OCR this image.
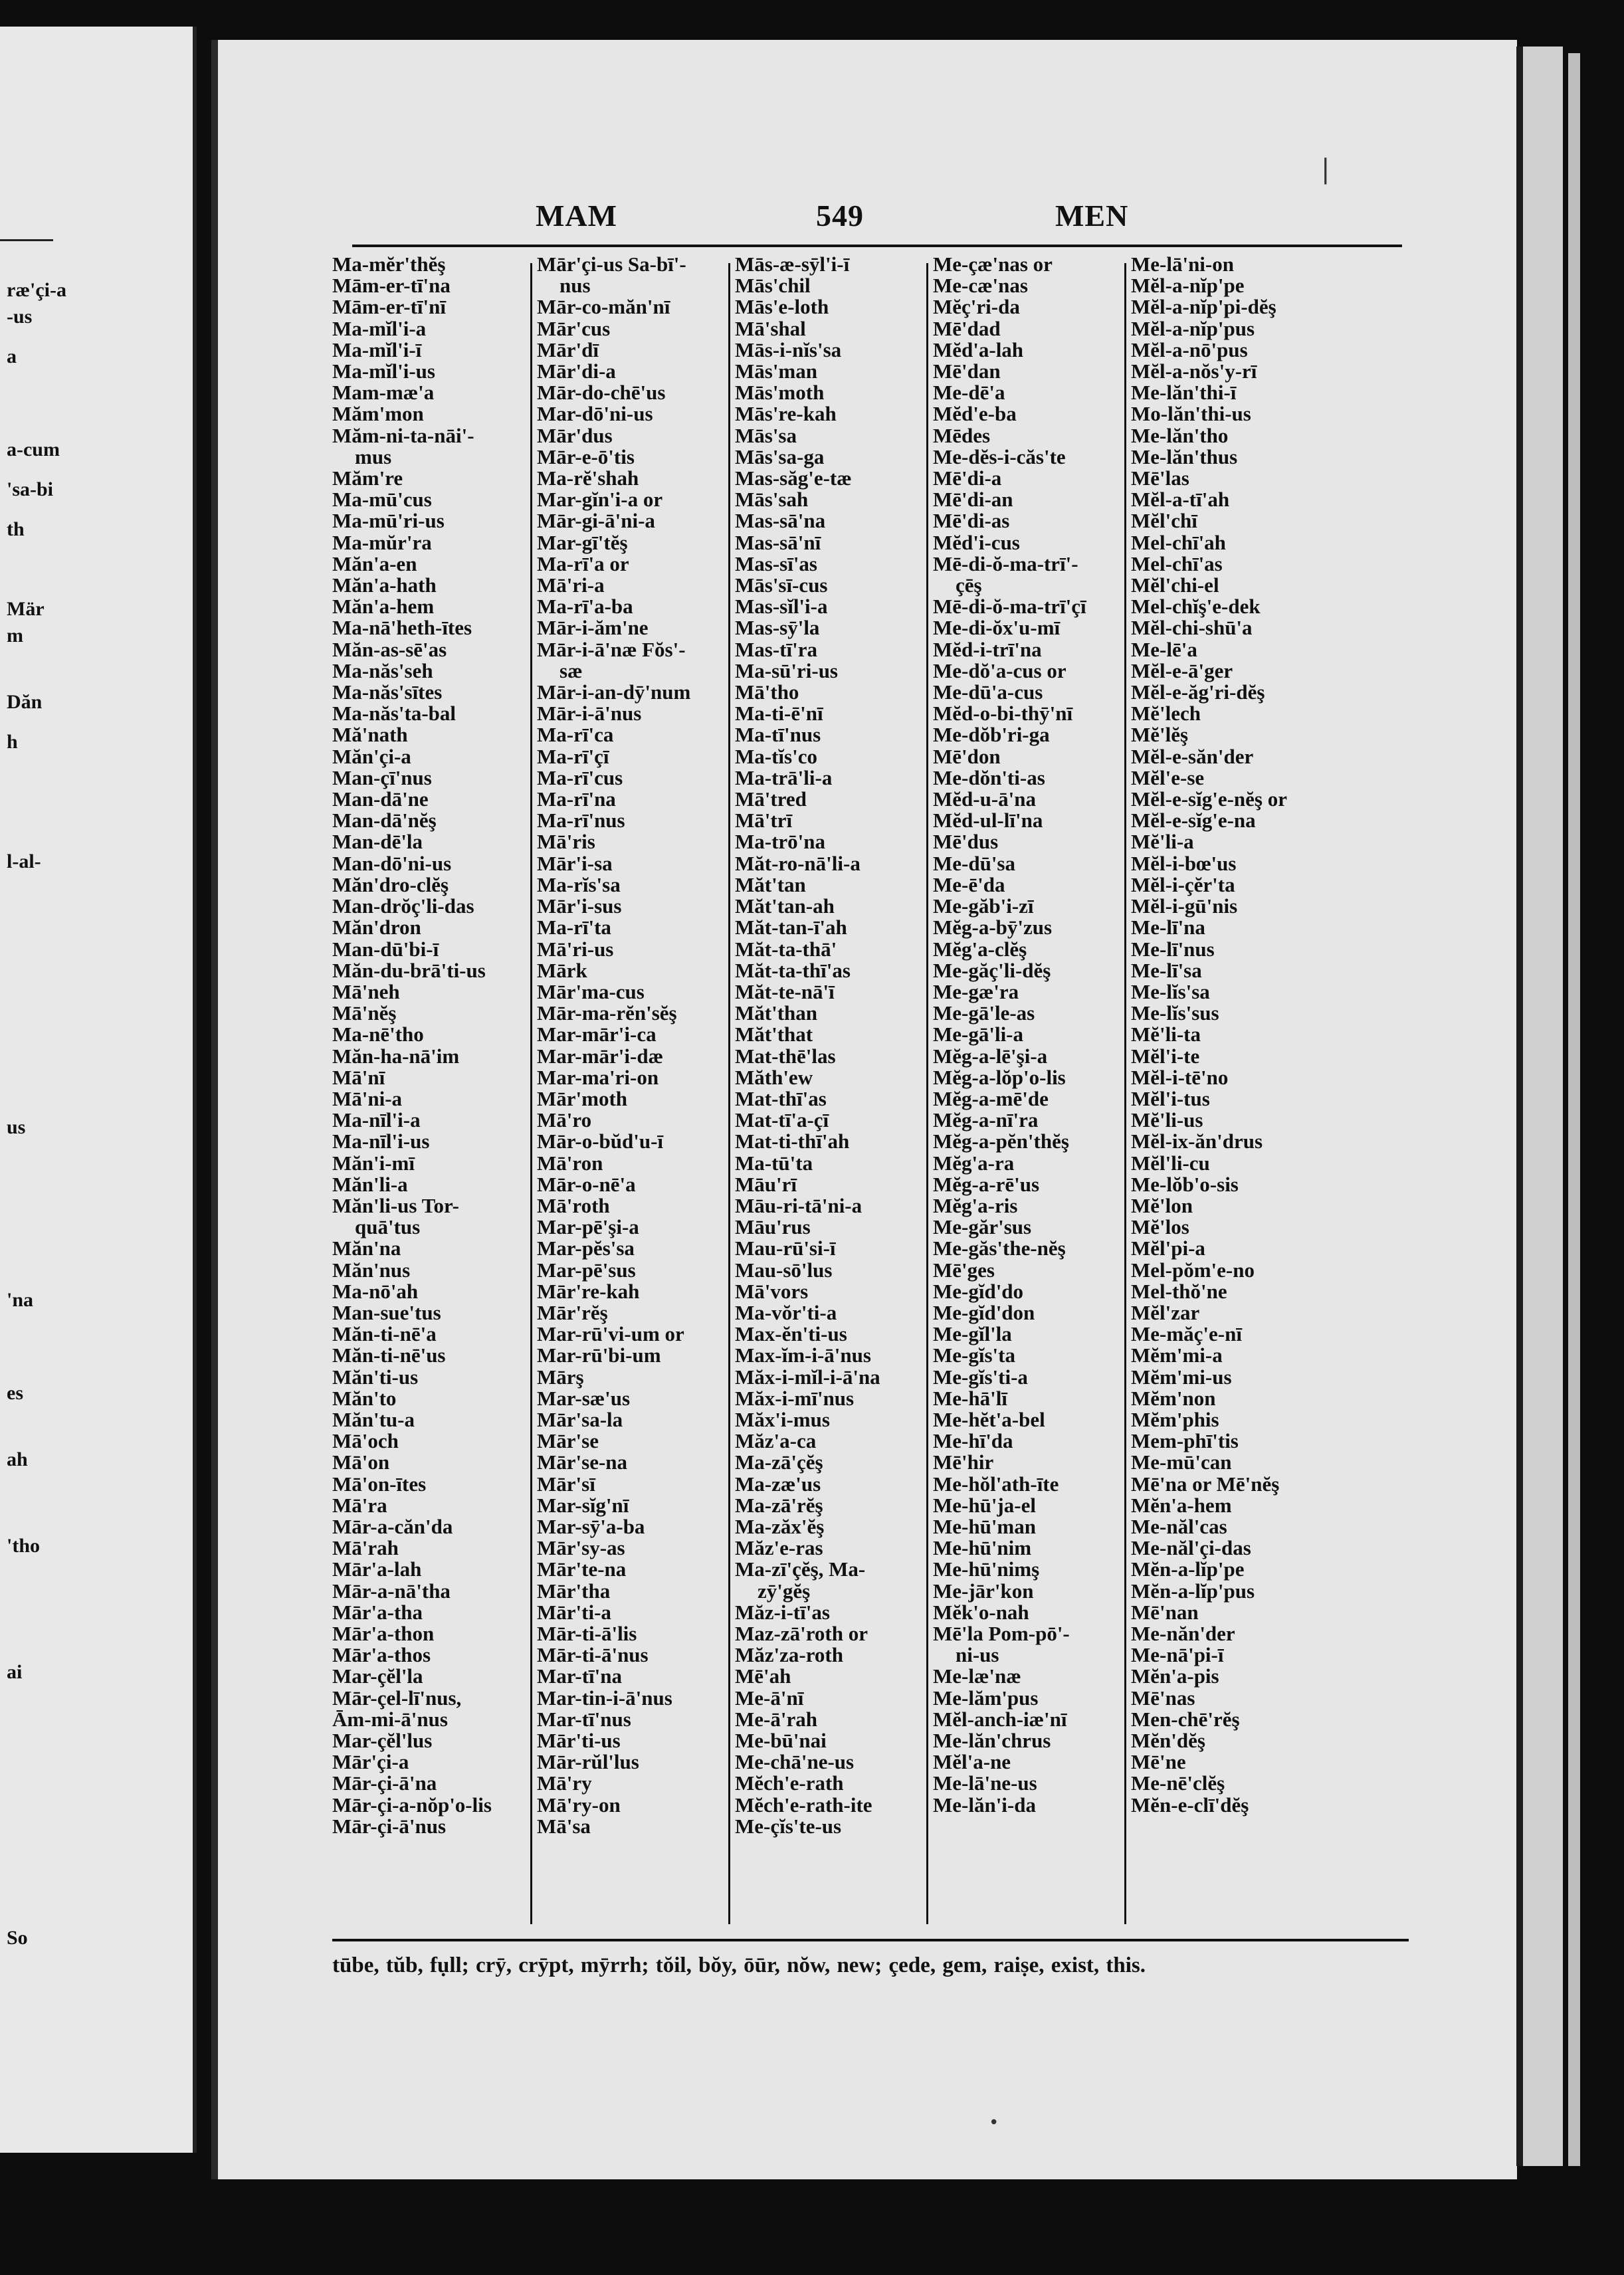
ræ'çi-a
-us
a
a-cum
'sa-bi
th
Mär
m
Dăn
h
l-al-
us
'na
es
ah
'tho
ai
So
MAM	549	MEN
Ma-mĕr'thĕş
Mām-er-tī'na
Mām-er-tī'nī
Ma-mĭl'i-a
Ma-mĭl'i-ī
Ma-mĭl'i-us
Mam-mæ'a
Măm'mon
Măm-ni-ta-nāi'-
mus
Măm're
Ma-mū'cus
Ma-mū'ri-us
Ma-mŭr'ra
Măn'a-en
Măn'a-hath
Măn'a-hem
Ma-nā'heth-ītes
Măn-as-sē'as
Ma-năs'seh
Ma-năs'sītes
Ma-năs'ta-bal
Mă'nath
Măn'çi-a
Man-çī'nus
Man-dā'ne
Man-dā'nĕş
Man-dē'la
Man-dō'ni-us
Măn'dro-clĕş
Man-drŏç'li-das
Măn'dron
Man-dū'bi-ī
Măn-du-brā'ti-us
Mā'neh
Mā'nĕş
Ma-nē'tho
Măn-ha-nā'im
Mā'nī
Mā'ni-a
Ma-nīl'i-a
Ma-nīl'i-us
Măn'i-mī
Măn'li-a
Măn'li-us Tor-
quā'tus
Măn'na
Măn'nus
Ma-nō'ah
Man-sue'tus
Măn-ti-nē'a
Măn-ti-nē'us
Măn'ti-us
Măn'to
Măn'tu-a
Mā'och
Mā'on
Mā'on-ītes
Mā'ra
Mār-a-căn'da
Mā'rah
Mār'a-lah
Mār-a-nā'tha
Mār'a-tha
Mār'a-thon
Mār'a-thos
Mar-çĕl'la
Mār-çel-lī'nus,
Ām-mi-ā'nus
Mar-çĕl'lus
Mār'çi-a
Mār-çi-ā'na
Mār-çi-a-nŏp'o-lis
Mār-çi-ā'nus
Mār'çi-us Sa-bī'-
nus
Mār-co-măn'nī
Mār'cus
Mār'dī
Mār'di-a
Mār-do-chē'us
Mar-dō'ni-us
Mār'dus
Mār-e-ō'tis
Ma-rĕ'shah
Mar-gĭn'i-a or
Mār-gi-ā'ni-a
Mar-gī'tĕş
Ma-rī'a or
Mā'ri-a
Ma-rī'a-ba
Mār-i-ăm'ne
Mār-i-ā'næ Fŏs'-
sæ
Mār-i-an-dȳ'num
Mār-i-ā'nus
Ma-rī'ca
Ma-rī'çī
Ma-rī'cus
Ma-rī'na
Ma-rī'nus
Mā'ris
Mār'i-sa
Ma-rĭs'sa
Mār'i-sus
Ma-rī'ta
Mā'ri-us
Mārk
Mār'ma-cus
Mār-ma-rĕn'sĕş
Mar-mār'i-ca
Mar-mār'i-dæ
Mar-ma'ri-on
Mār'moth
Mā'ro
Mār-o-bŭd'u-ī
Mā'ron
Mār-o-nē'a
Mā'roth
Mar-pē'şi-a
Mar-pĕs'sa
Mar-pē'sus
Mār're-kah
Mār'rĕş
Mar-rū'vi-um or
Mar-rū'bi-um
Mārş
Mar-sæ'us
Mār'sa-la
Mār'se
Mār'se-na
Mār'sī
Mar-sĭg'nī
Mar-sȳ'a-ba
Mār'sy-as
Mār'te-na
Mār'tha
Mār'ti-a
Mār-ti-ā'lis
Mār-ti-ā'nus
Mar-tī'na
Mar-tin-i-ā'nus
Mar-tī'nus
Mār'ti-us
Mār-rŭl'lus
Mā'ry
Mā'ry-on
Mā'sa
Mās-æ-sȳl'i-ī
Mās'chil
Mās'e-loth
Mā'shal
Mās-i-nĭs'sa
Mās'man
Mās'moth
Mās're-kah
Mās'sa
Mās'sa-ga
Mas-săg'e-tæ
Mās'sah
Mas-sā'na
Mas-sā'nī
Mas-sī'as
Mās'sī-cus
Mas-sĭl'i-a
Mas-sȳ'la
Mas-tī'ra
Ma-sū'ri-us
Mā'tho
Ma-ti-ē'nī
Ma-tī'nus
Ma-tĭs'co
Ma-trā'li-a
Mā'tred
Mā'trī
Ma-trō'na
Măt-ro-nā'li-a
Măt'tan
Măt'tan-ah
Măt-tan-ī'ah
Măt-ta-thā'
Măt-ta-thī'as
Măt-te-nā'ī
Măt'than
Măt'that
Mat-thē'las
Măth'ew
Mat-thī'as
Mat-tī'a-çī
Mat-ti-thī'ah
Ma-tū'ta
Māu'rī
Māu-ri-tā'ni-a
Māu'rus
Mau-rū'si-ī
Mau-sō'lus
Mā'vors
Ma-vŏr'ti-a
Max-ĕn'ti-us
Max-ĭm-i-ā'nus
Măx-i-mĭl-i-ā'na
Măx-i-mī'nus
Măx'i-mus
Măz'a-ca
Ma-zā'çĕş
Ma-zæ'us
Ma-zā'rĕş
Ma-zăx'ĕş
Măz'e-ras
Ma-zī'çĕş, Ma-
zȳ'gĕş
Măz-i-tī'as
Maz-zā'roth or
Măz'za-roth
Mē'ah
Me-ā'nī
Me-ā'rah
Me-bū'nai
Me-chā'ne-us
Mĕch'e-rath
Mĕch'e-rath-ite
Me-çĭs'te-us
Me-çæ'nas or
Me-cæ'nas
Mĕç'ri-da
Mē'dad
Mĕd'a-lah
Mē'dan
Me-dē'a
Mĕd'e-ba
Mēdes
Me-dĕs-i-căs'te
Mē'di-a
Mē'di-an
Mē'di-as
Mĕd'i-cus
Mē-di-ŏ-ma-trī'-
çēş
Mē-di-ŏ-ma-trī'çī
Me-di-ŏx'u-mī
Mĕd-i-trī'na
Me-dŏ'a-cus or
Me-dū'a-cus
Mĕd-o-bi-thȳ'nī
Me-dŏb'ri-ga
Mē'don
Me-dŏn'ti-as
Mĕd-u-ā'na
Mĕd-ul-lī'na
Mē'dus
Me-dū'sa
Me-ē'da
Me-găb'i-zī
Mĕg-a-bȳ'zus
Mĕg'a-clĕş
Me-găç'li-dĕş
Me-gæ'ra
Me-gā'le-as
Me-gā'li-a
Mĕg-a-lē'şi-a
Mĕg-a-lŏp'o-lis
Mĕg-a-mē'de
Mĕg-a-nī'ra
Mĕg-a-pĕn'thĕş
Mĕg'a-ra
Mĕg-a-rē'us
Mĕg'a-ris
Me-găr'sus
Me-găs'the-nĕş
Mē'ges
Me-gĭd'do
Me-gĭd'don
Me-gĭl'la
Me-gĭs'ta
Me-gĭs'ti-a
Me-hā'lī
Me-hĕt'a-bel
Me-hī'da
Mē'hir
Me-hŏl'ath-īte
Me-hū'ja-el
Me-hū'man
Me-hū'nim
Me-hū'nimş
Me-jār'kon
Mĕk'o-nah
Mē'la Pom-pō'-
ni-us
Me-læ'næ
Me-lăm'pus
Mĕl-anch-iæ'nī
Me-lăn'chrus
Mĕl'a-ne
Me-lā'ne-us
Me-lăn'i-da
Me-lā'ni-on
Mĕl-a-nĭp'pe
Mĕl-a-nĭp'pi-dĕş
Mĕl-a-nĭp'pus
Mĕl-a-nō'pus
Mĕl-a-nŏs'y-rī
Me-lăn'thi-ī
Mo-lăn'thi-us
Me-lăn'tho
Me-lăn'thus
Mē'las
Mĕl-a-tī'ah
Mĕl'chī
Mel-chī'ah
Mel-chī'as
Mĕl'chi-el
Mel-chĭş'e-dek
Mĕl-chi-shū'a
Me-lē'a
Mĕl-e-ā'ger
Mĕl-e-ăg'ri-dĕş
Mĕ'lech
Mĕ'lĕş
Mĕl-e-săn'der
Mĕl'e-se
Mĕl-e-sĭg'e-nĕş or
Mĕl-e-sĭg'e-na
Mĕ'li-a
Mĕl-i-bœ'us
Mĕl-i-çĕr'ta
Mĕl-i-gū'nis
Me-lī'na
Me-lī'nus
Me-lī'sa
Me-lĭs'sa
Me-lĭs'sus
Mĕ'li-ta
Mĕl'i-te
Mĕl-i-tē'no
Mĕl'i-tus
Mĕ'li-us
Mĕl-ix-ăn'drus
Mĕl'li-cu
Me-lŏb'o-sis
Mĕ'lon
Mĕ'los
Mĕl'pi-a
Mel-pŏm'e-no
Mel-thŏ'ne
Mĕl'zar
Me-măç'e-nī
Mĕm'mi-a
Mĕm'mi-us
Mĕm'non
Mĕm'phis
Mem-phī'tis
Me-mū'can
Mē'na or Mē'nĕş
Mĕn'a-hem
Me-năl'cas
Me-năl'çi-das
Mĕn-a-lĭp'pe
Mĕn-a-lĭp'pus
Mē'nan
Me-năn'der
Me-nā'pi-ī
Mĕn'a-pis
Mē'nas
Men-chē'rĕş
Mĕn'dĕş
Mē'ne
Me-nē'clĕş
Mĕn-e-clī'dĕş
tūbe, tŭb, fụll; crȳ, crȳpt, mȳrrh; tŏil, bŏy, ōūr, nŏw, new; çede, gem, raiṣe, exist, this.
|
•
